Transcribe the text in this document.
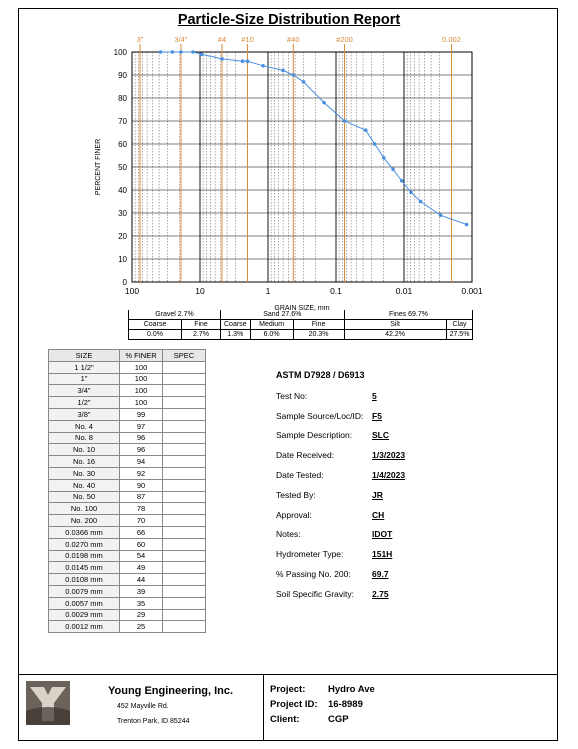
Particle-Size Distribution Report
0
10
20
30
40
50
60
70
80
90
100
100	10	1	0.1	0.01	0.001
3"	3/4"	#4 #10	#40	#200	0.002
GRAIN SIZE, mm
PERCENT FINER
Gravel 2.7%		Sand 27.6%			Fines 69.7%	
Coarse	Fine	Coarse	Medium	Fine	Silt	Clay
0.0%	2.7%	1.3%	6.0%	20.3%	42.2%	27.5%
SIZE	% FINER	SPEC
1 1/2"	100	
1"	100	
3/4"	100	
1/2"	100	
3/8"	99	
No. 4	97	
No. 8	96	
No. 10	96	
No. 16	94	
No. 30	92	
No. 40	90	
No. 50	87	
No. 100	78	
No. 200	70	
0.0366 mm	66	
0.0270 mm	60	
0.0198 mm	54	
0.0145 mm	49	
0.0108 mm	44	
0.0079 mm	39	
0.0057 mm	35	
0.0029 mm	29	
0.0012 mm	25	
ASTM D7928 / D6913
Test No:	5
Sample Source/Loc/ID:	F5
Sample Description:	SLC
Date Received:	1/3/2023
Date Tested:	1/4/2023
Tested By:	JR
Approval:	CH
Notes:	IDOT
Hydrometer Type:	151H
% Passing No. 200:	69.7
Soil Specific Gravity:	2.75
Young Engineering, Inc.
452 Mayville Rd.
Trenton Park, ID 85244
Project:	Hydro Ave
Project ID:	16-8989
Client:	CGP
